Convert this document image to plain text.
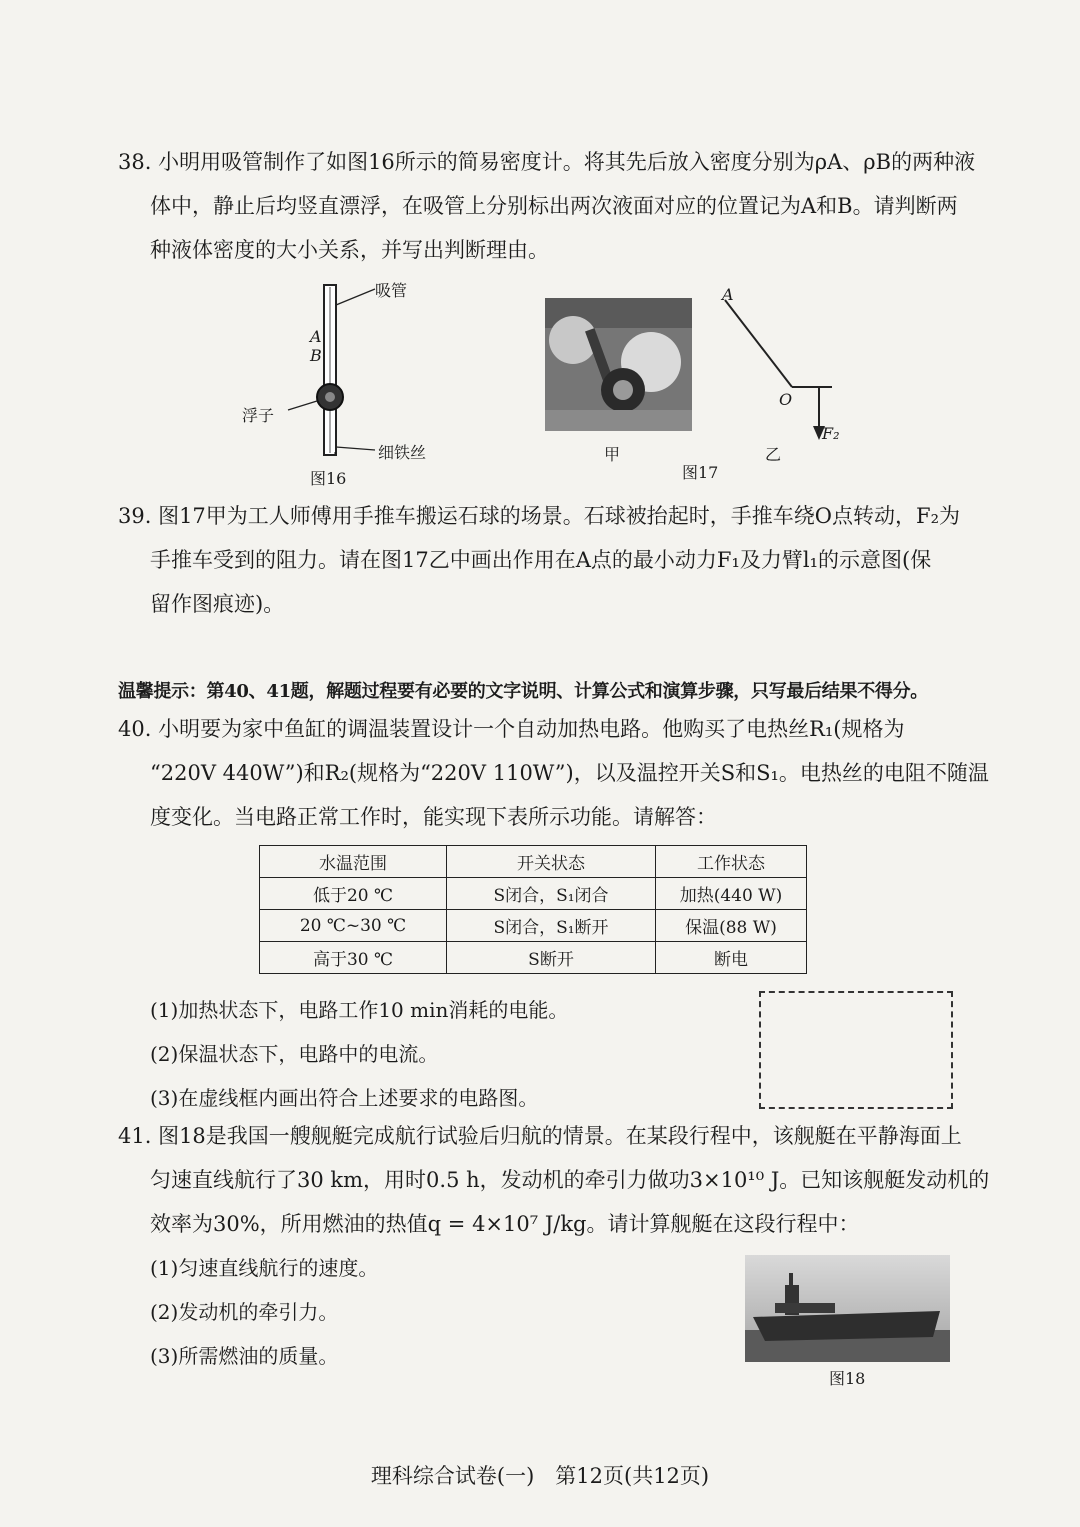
38. 小明用吸管制作了如图16所示的简易密度计。将其先后放入密度分别为ρA、ρB的两种液
体中，静止后均竖直漂浮，在吸管上分别标出两次液面对应的位置记为A和B。请判断两
种液体密度的大小关系，并写出判断理由。
吸管
A
B
浮子
细铁丝
图16
甲
图17
A
O
F₂
乙
39. 图17甲为工人师傅用手推车搬运石球的场景。石球被抬起时，手推车绕O点转动，F₂为
手推车受到的阻力。请在图17乙中画出作用在A点的最小动力F₁及力臂l₁的示意图(保
留作图痕迹)。
温馨提示：第40、41题，解题过程要有必要的文字说明、计算公式和演算步骤，只写最后结果不得分。
40. 小明要为家中鱼缸的调温装置设计一个自动加热电路。他购买了电热丝R₁(规格为
“220V 440W”)和R₂(规格为“220V 110W”)，以及温控开关S和S₁。电热丝的电阻不随温
度变化。当电路正常工作时，能实现下表所示功能。请解答：
水温范围	开关状态	工作状态
低于20 ℃	S闭合，S₁闭合	加热(440 W)
20 ℃~30 ℃	S闭合，S₁断开	保温(88 W)
高于30 ℃	S断开	断电
(1)加热状态下，电路工作10 min消耗的电能。
(2)保温状态下，电路中的电流。
(3)在虚线框内画出符合上述要求的电路图。
41. 图18是我国一艘舰艇完成航行试验后归航的情景。在某段行程中，该舰艇在平静海面上
匀速直线航行了30 km，用时0.5 h，发动机的牵引力做功3×10¹⁰ J。已知该舰艇发动机的
效率为30%，所用燃油的热值q = 4×10⁷ J/kg。请计算舰艇在这段行程中：
(1)匀速直线航行的速度。
(2)发动机的牵引力。
(3)所需燃油的质量。
图18
理科综合试卷(一)　第12页(共12页)
